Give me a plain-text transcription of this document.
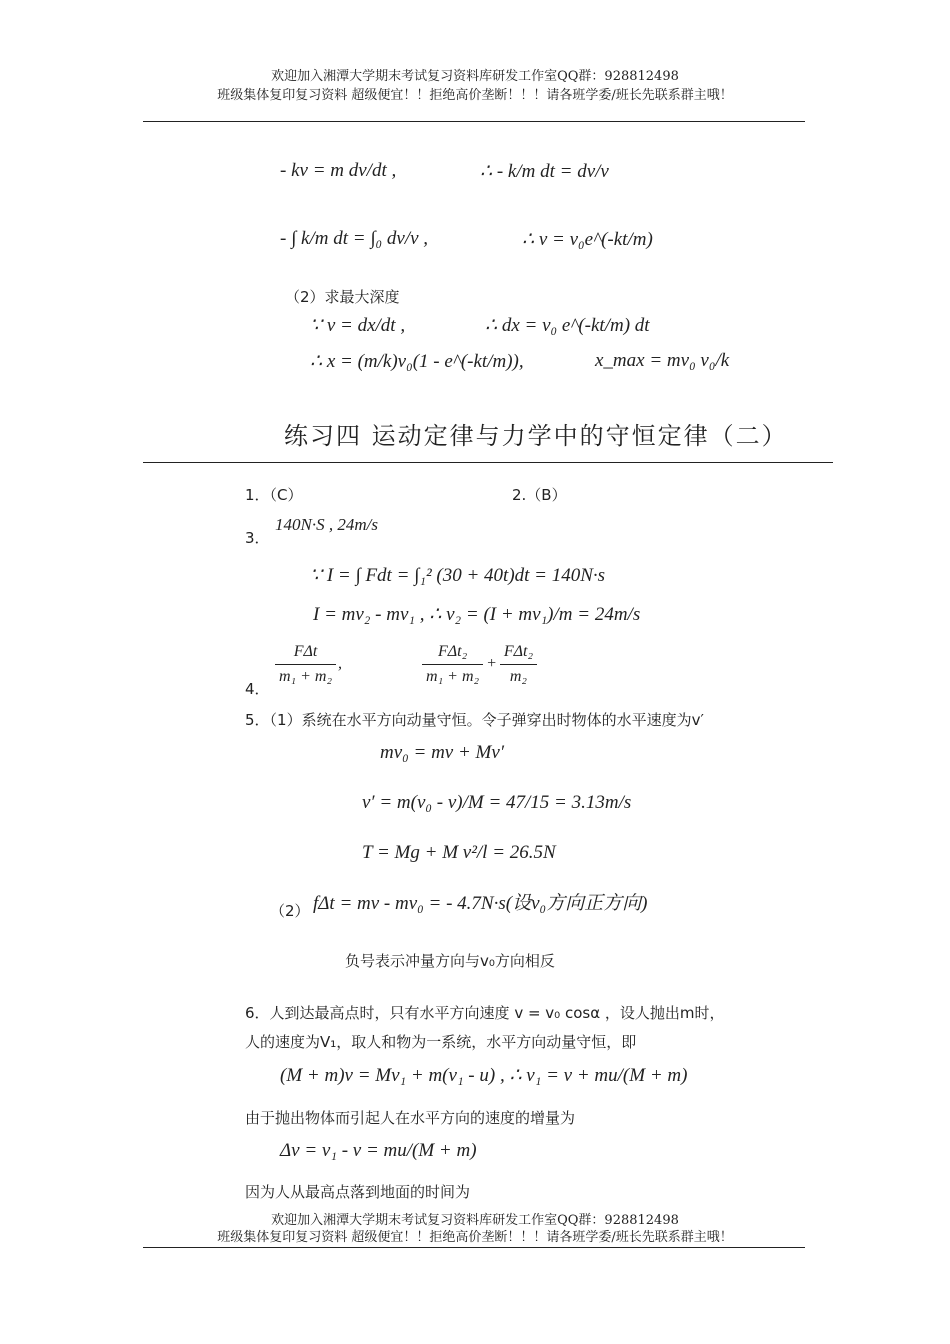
欢迎加入湘潭大学期末考试复习资料库研发工作室QQ群：928812498
班级集体复印复习资料 超级便宜！！拒绝高价垄断！！！请各班学委/班长先联系群主哦！
- kv = m dv/dt ,	∴ - k/m dt = dv/v
- ∫ k/m dt = ∫₀ dv/v ,	∴ v = v₀e^(-kt/m)
（2）求最大深度
∵ v = dx/dt ,	∴ dx = v₀ e^(-kt/m) dt
∴ x = (m/k)v₀(1 - e^(-kt/m)),	x_max = mv₀ v₀/k
练习四 运动定律与力学中的守恒定律（二）
1．（C）	2.（B）
3．
140N·S , 24m/s
∵ I = ∫ Fdt = ∫₁² (30 + 40t)dt = 140N·s
I = mv₂ - mv₁ , ∴ v₂ = (I + mv₁)/m = 24m/s
4． $\frac{\text{FΔt}}{\text{m₁ + m₂}}$ ,	$\frac{\text{FΔt₂}}{\text{m₁ + m₂}} + \frac{\text{FΔt₂}}{\text{m₂}}$
5．（1）系统在水平方向动量守恒。令子弹穿出时物体的水平速度为v′
mv₀ = mv + Mv′
v′ = m(v₀ - v)/M = 47/15 = 3.13m/s
T = Mg + M v²/l = 26.5N
（2） fΔt = mv - mv₀ = - 4.7N·s(设v₀方向正方向)
负号表示冲量方向与v₀方向相反
6．人到达最高点时，只有水平方向速度 v = v₀ cosα ，设人抛出m时，
人的速度为V₁，取人和物为一系统，水平方向动量守恒，即
(M + m)v = Mv₁ + m(v₁ - u) , ∴ v₁ = v + mu/(M + m)
由于抛出物体而引起人在水平方向的速度的增量为
Δv = v₁ - v = mu/(M + m)
因为人从最高点落到地面的时间为
欢迎加入湘潭大学期末考试复习资料库研发工作室QQ群：928812498
班级集体复印复习资料 超级便宜！！拒绝高价垄断！！！请各班学委/班长先联系群主哦！
